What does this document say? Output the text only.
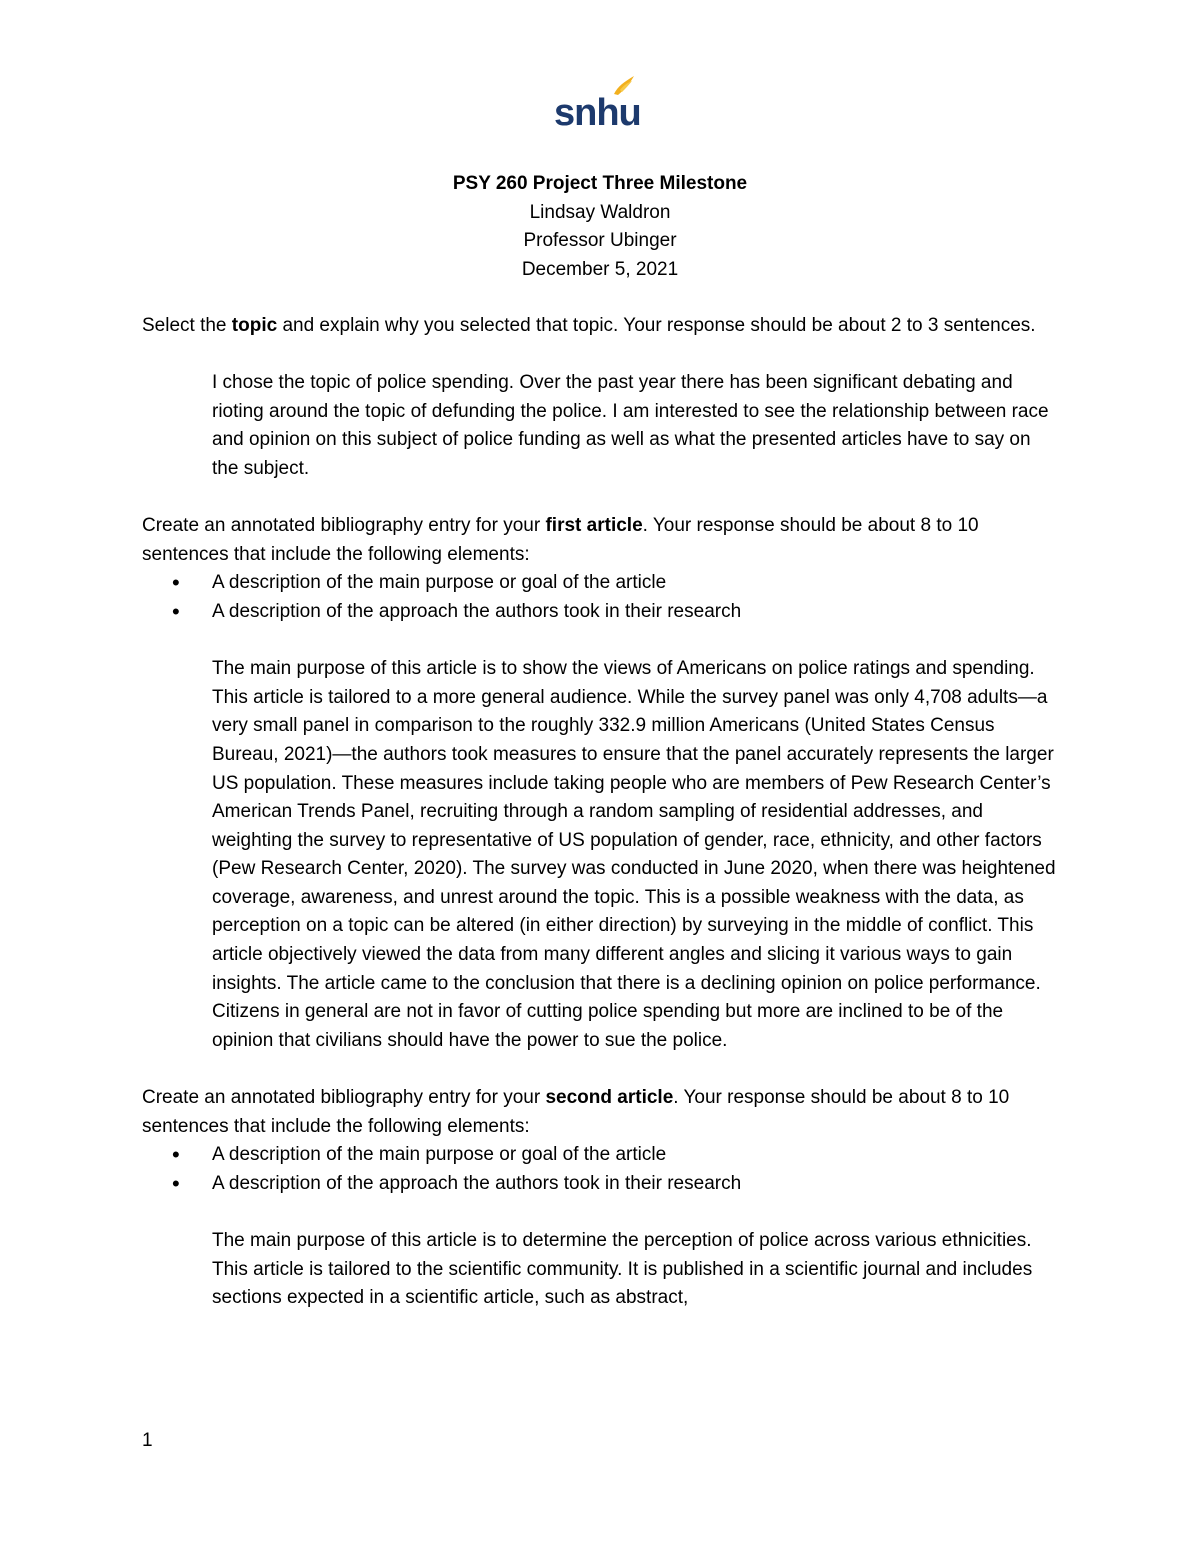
snhu
PSY 260 Project Three Milestone
Lindsay Waldron
Professor Ubinger
December 5, 2021

Select the topic and explain why you selected that topic. Your response should be about 2 to 3 sentences.

I chose the topic of police spending. Over the past year there has been significant debating and rioting around the topic of defunding the police. I am interested to see the relationship between race and opinion on this subject of police funding as well as what the presented articles have to say on the subject.

Create an annotated bibliography entry for your first article. Your response should be about 8 to 10 sentences that include the following elements:

• A description of the main purpose or goal of the article
• A description of the approach the authors took in their research

The main purpose of this article is to show the views of Americans on police ratings and spending. This article is tailored to a more general audience. While the survey panel was only 4,708 adults—a very small panel in comparison to the roughly 332.9 million Americans (United States Census Bureau, 2021)—the authors took measures to ensure that the panel accurately represents the larger US population. These measures include taking people who are members of Pew Research Center’s American Trends Panel, recruiting through a random sampling of residential addresses, and weighting the survey to representative of US population of gender, race, ethnicity, and other factors (Pew Research Center, 2020). The survey was conducted in June 2020, when there was heightened coverage, awareness, and unrest around the topic. This is a possible weakness with the data, as perception on a topic can be altered (in either direction) by surveying in the middle of conflict. This article objectively viewed the data from many different angles and slicing it various ways to gain insights. The article came to the conclusion that there is a declining opinion on police performance. Citizens in general are not in favor of cutting police spending but more are inclined to be of the opinion that civilians should have the power to sue the police.

Create an annotated bibliography entry for your second article. Your response should be about 8 to 10 sentences that include the following elements:

• A description of the main purpose or goal of the article
• A description of the approach the authors took in their research

The main purpose of this article is to determine the perception of police across various ethnicities. This article is tailored to the scientific community. It is published in a scientific journal and includes sections expected in a scientific article, such as abstract,

1
